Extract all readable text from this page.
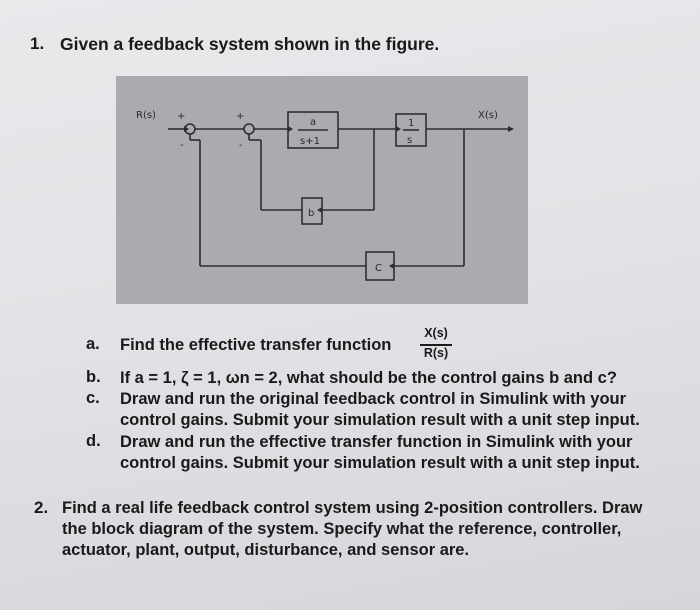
1. Given a feedback system shown in the figure.
R(s)	X(s)
+
-
+
-
a
s+1
1
s
b
C
a. Find the effective transfer function
X(s)
R(s)
b. If a = 1, ζ = 1, ωn = 2, what should be the control gains b and c?
c. Draw and run the original feedback control in Simulink with your
control gains. Submit your simulation result with a unit step input.
d. Draw and run the effective transfer function in Simulink with your
control gains. Submit your simulation result with a unit step input.
2. Find a real life feedback control system using 2-position controllers. Draw
the block diagram of the system. Specify what the reference, controller,
actuator, plant, output, disturbance, and sensor are.
